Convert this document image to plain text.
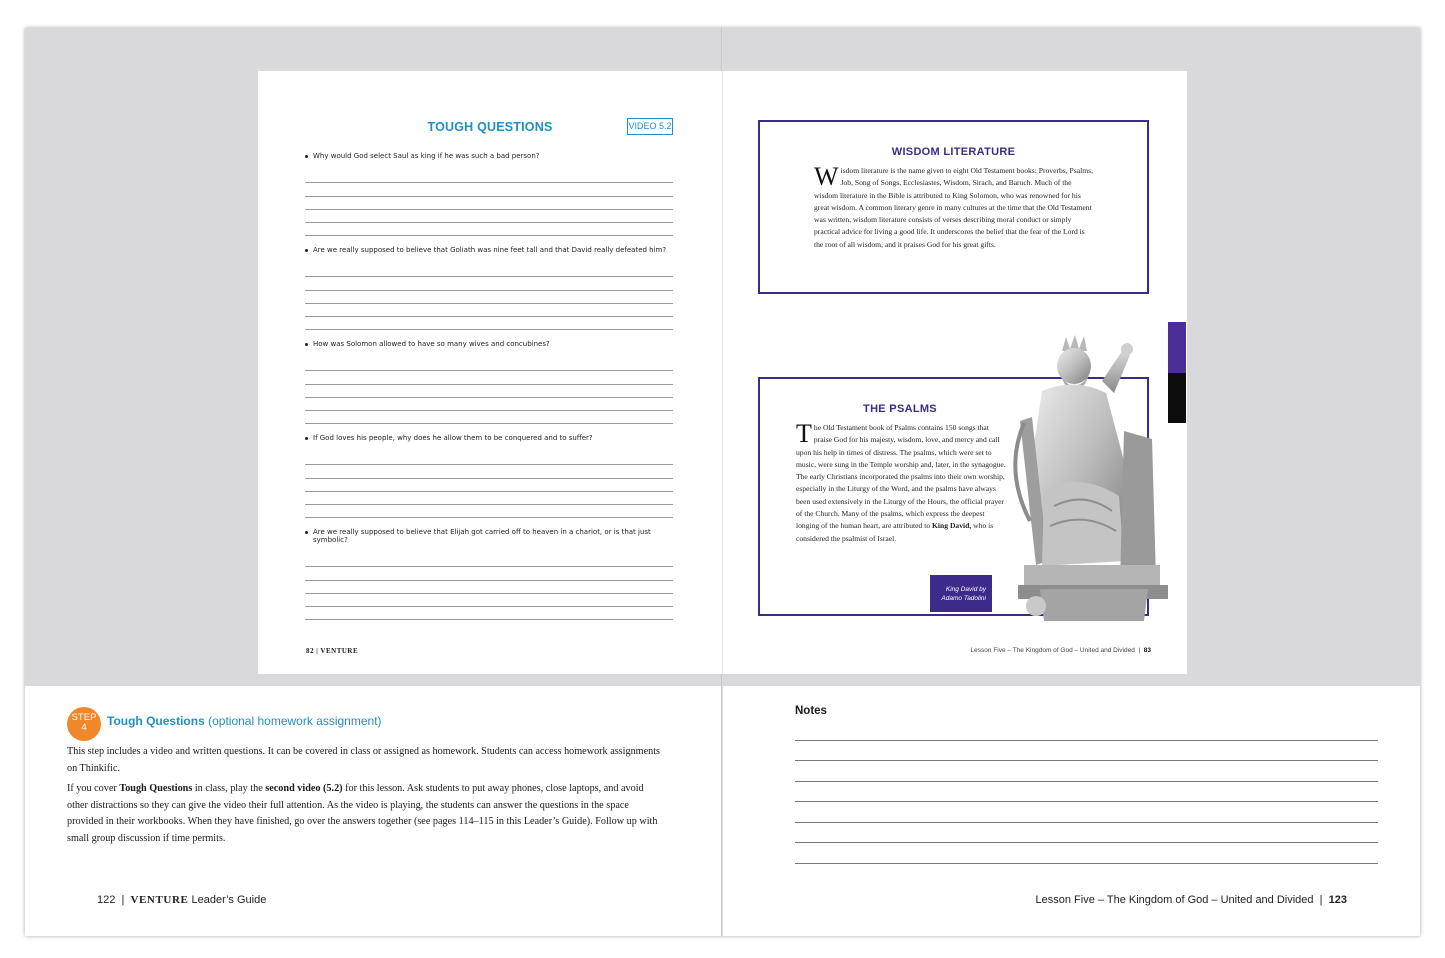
TOUGH QUESTIONS	VIDEO 5.2
Why would God select Saul as king if he was such a bad person?
Are we really supposed to believe that Goliath was nine feet tall and that David really defeated him?
How was Solomon allowed to have so many wives and concubines?
If God loves his people, why does he allow them to be conquered and to suffer?
Are we really supposed to believe that Elijah got carried off to heaven in a chariot, or is that just symbolic?
82 | VENTURE
WISDOM LITERATURE
Wisdom literature is the name given to eight Old Testament books: Proverbs, Psalms, Job, Song of Songs, Ecclesiastes, Wisdom, Sirach, and Baruch. Much of the wisdom literature in the Bible is attributed to King Solomon, who was renowned for his great wisdom. A common literary genre in many cultures at the time that the Old Testament was written, wisdom literature consists of verses describing moral conduct or simply practical advice for living a good life. It underscores the belief that the fear of the Lord is the root of all wisdom, and it praises God for his great gifts.
THE PSALMS
The Old Testament book of Psalms contains 150 songs that praise God for his majesty, wisdom, love, and mercy and call upon his help in times of distress. The psalms, which were set to music, were sung in the Temple worship and, later, in the synagogue. The early Christians incorporated the psalms into their own worship, especially in the Liturgy of the Word, and the psalms have always been used extensively in the Liturgy of the Hours, the official prayer of the Church. Many of the psalms, which express the deepest longing of the human heart, are attributed to King David, who is considered the psalmist of Israel.
King David by
Adamo Tadolini
Lesson Five – The Kingdom of God – United and Divided  |  83
STEP
4	Tough Questions (optional homework assignment)
This step includes a video and written questions. It can be covered in class or assigned as homework. Students can access homework assignments on Thinkific.
If you cover Tough Questions in class, play the second video (5.2) for this lesson. Ask students to put away phones, close laptops, and avoid other distractions so they can give the video their full attention. As the video is playing, the students can answer the questions in the space provided in their workbooks. When they have finished, go over the answers together (see pages 114–115 in this Leader’s Guide). Follow up with small group discussion if time permits.
122  |  VENTURE Leader’s Guide
Notes
Lesson Five – The Kingdom of God – United and Divided  |  123
